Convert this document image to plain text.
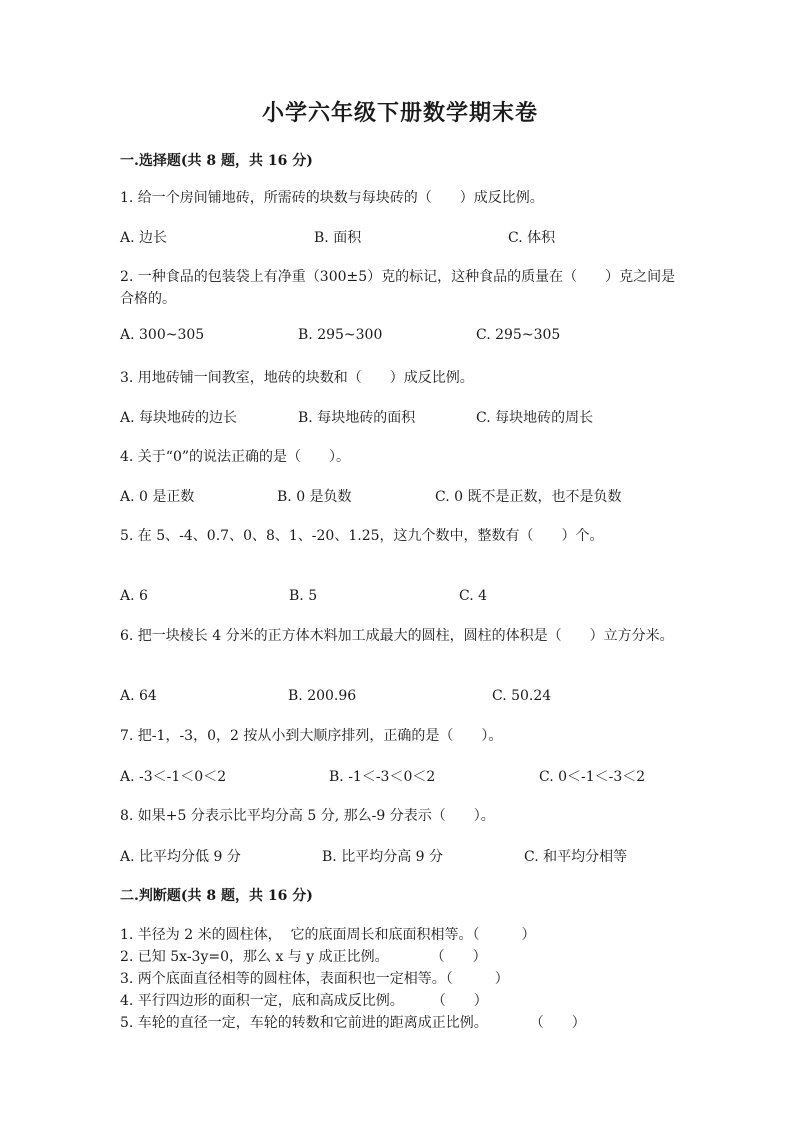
小学六年级下册数学期末卷
一.选择题(共 8 题，共 16 分)
1. 给一个房间铺地砖，所需砖的块数与每块砖的（　　）成反比例。
A. 边长	B. 面积	C. 体积
2. 一种食品的包装袋上有净重（300±5）克的标记，这种食品的质量在（　　）克之间是合格的。
A. 300~305	B. 295~300	C. 295~305
3. 用地砖铺一间教室，地砖的块数和（　　）成反比例。
A. 每块地砖的边长	B. 每块地砖的面积	C. 每块地砖的周长
4. 关于“0”的说法正确的是（　　）。
A. 0 是正数	B. 0 是负数	C. 0 既不是正数，也不是负数
5. 在 5、-4、0.7、0、8、1、-20、1.25，这九个数中，整数有（　　）个。
A. 6	B. 5	C. 4
6. 把一块棱长 4 分米的正方体木料加工成最大的圆柱，圆柱的体积是（　　）立方分米。
A. 64	B. 200.96	C. 50.24
7. 把-1，-3，0，2 按从小到大顺序排列，正确的是（　　）。
A. -3＜-1＜0＜2	B. -1＜-3＜0＜2	C. 0＜-1＜-3＜2
8. 如果+5 分表示比平均分高 5 分, 那么-9 分表示（　　）。
A. 比平均分低 9 分	B. 比平均分高 9 分	C. 和平均分相等
二.判断题(共 8 题，共 16 分)
1. 半径为 2 米的圆柱体，  它的底面周长和底面积相等。（　　　）
2. 已知 5x-3y=0，那么 x 与 y 成正比例。　　　　（　　）
3. 两个底面直径相等的圆柱体，表面积也一定相等。（　　　）
4. 平行四边形的面积一定，底和高成反比例。　　　（　　）
5. 车轮的直径一定，车轮的转数和它前进的距离成正比例。　　　　（　　）
